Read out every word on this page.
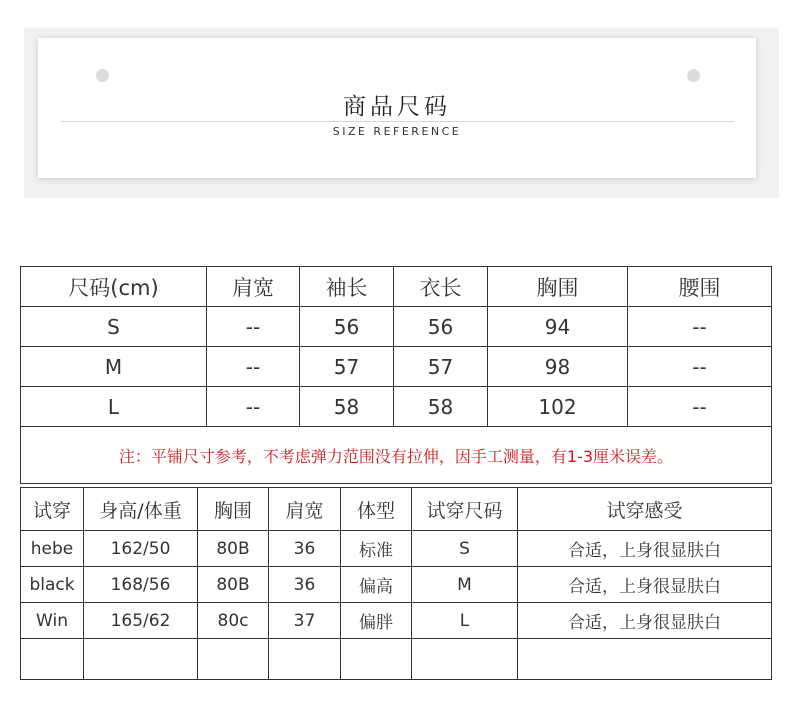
商品尺码
SIZE REFERENCE
尺码(cm)	肩宽	袖长	衣长	胸围	腰围
S	--	56	56	94	--
M	--	57	57	98	--
L	--	58	58	102	--
注：平铺尺寸参考，不考虑弹力范围没有拉伸，因手工测量，有1-3厘米误差。					
试穿	身高/体重	胸围	肩宽	体型	试穿尺码	试穿感受
hebe	162/50	80B	36	标准	S	合适，上身很显肤白
black	168/56	80B	36	偏高	M	合适，上身很显肤白
Win	165/62	80c	37	偏胖	L	合适，上身很显肤白
